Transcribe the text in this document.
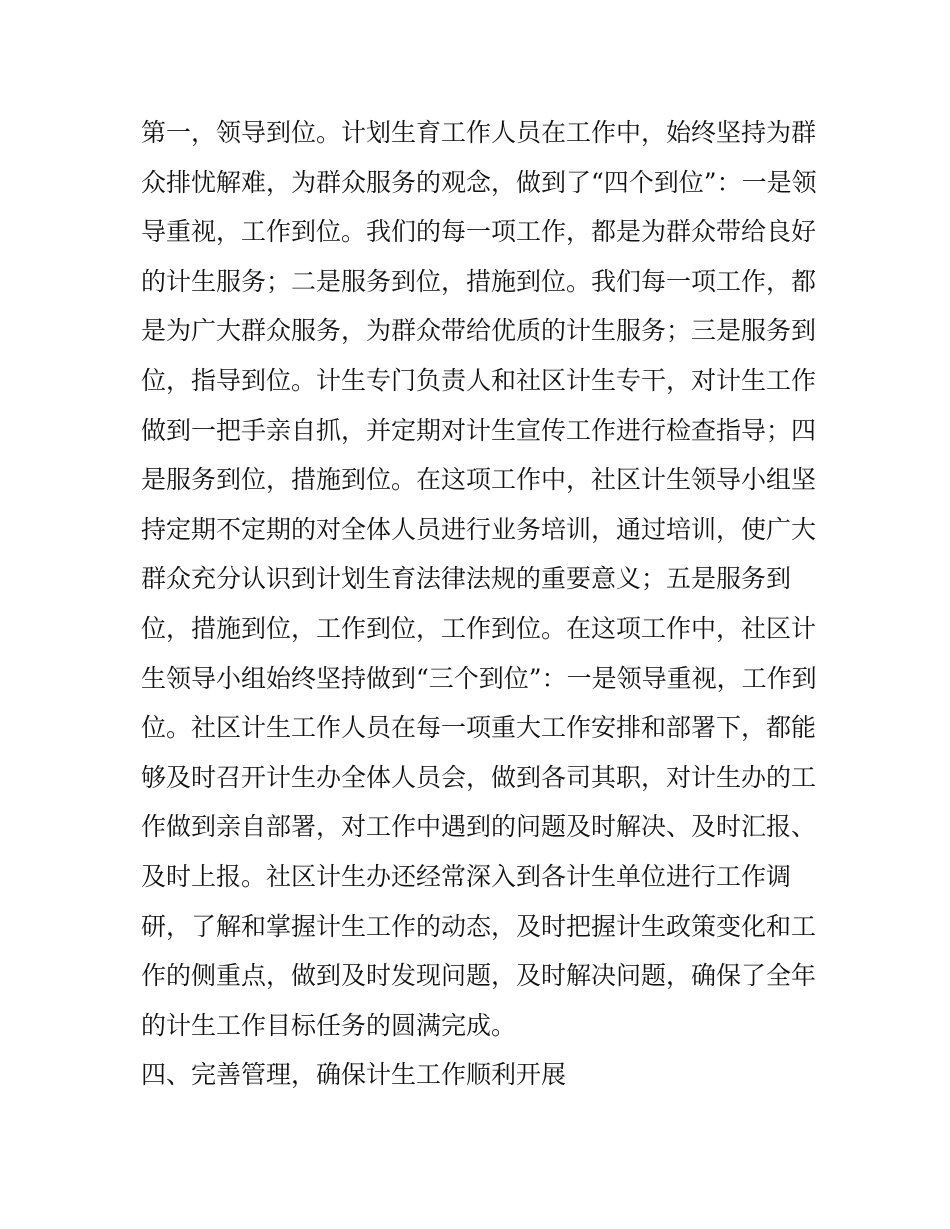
第一，领导到位。计划生育工作人员在工作中，始终坚持为群
众排忧解难，为群众服务的观念，做到了“四个到位”：一是领
导重视，工作到位。我们的每一项工作，都是为群众带给良好
的计生服务；二是服务到位，措施到位。我们每一项工作，都
是为广大群众服务，为群众带给优质的计生服务；三是服务到
位，指导到位。计生专门负责人和社区计生专干，对计生工作
做到一把手亲自抓，并定期对计生宣传工作进行检查指导；四
是服务到位，措施到位。在这项工作中，社区计生领导小组坚
持定期不定期的对全体人员进行业务培训，通过培训，使广大
群众充分认识到计划生育法律法规的重要意义；五是服务到
位，措施到位，工作到位，工作到位。在这项工作中，社区计
生领导小组始终坚持做到“三个到位”：一是领导重视，工作到
位。社区计生工作人员在每一项重大工作安排和部署下，都能
够及时召开计生办全体人员会，做到各司其职，对计生办的工
作做到亲自部署，对工作中遇到的问题及时解决、及时汇报、
及时上报。社区计生办还经常深入到各计生单位进行工作调
研，了解和掌握计生工作的动态，及时把握计生政策变化和工
作的侧重点，做到及时发现问题，及时解决问题，确保了全年
的计生工作目标任务的圆满完成。
四、完善管理，确保计生工作顺利开展
